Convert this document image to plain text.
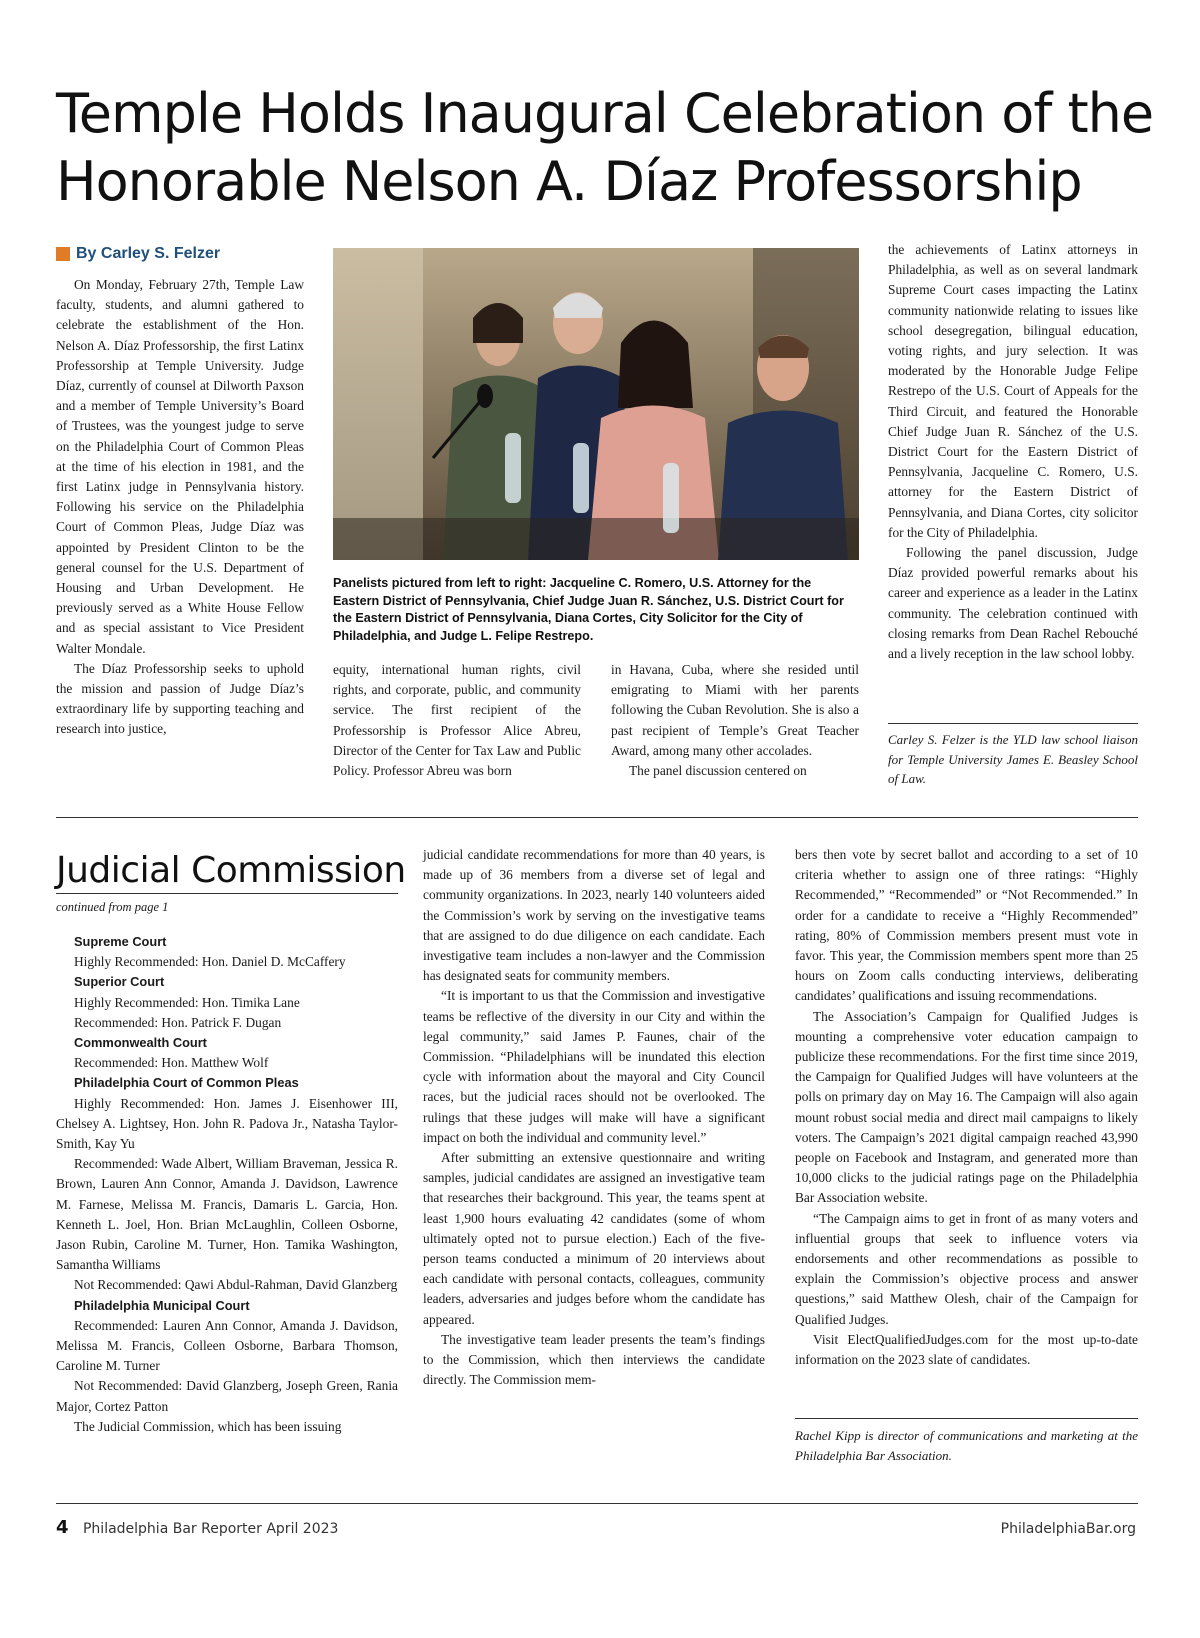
Temple Holds Inaugural Celebration of the
Honorable Nelson A. Díaz Professorship
By Carley S. Felzer

On Monday, February 27th, Temple Law faculty, students, and alumni gathered to celebrate the establishment of the Hon. Nelson A. Díaz Professorship, the first Latinx Professorship at Temple University. Judge Díaz, currently of counsel at Dilworth Paxson and a member of Temple University’s Board of Trustees, was the youngest judge to serve on the Philadelphia Court of Common Pleas at the time of his election in 1981, and the first Latinx judge in Pennsylvania history. Following his service on the Philadelphia Court of Common Pleas, Judge Díaz was appointed by President Clinton to be the general counsel for the U.S. Department of Housing and Urban Development. He previously served as a White House Fellow and as special assistant to Vice President Walter Mondale.

The Díaz Professorship seeks to uphold the mission and passion of Judge Díaz’s extraordinary life by supporting teaching and research into justice,

Panelists pictured from left to right: Jacqueline C. Romero, U.S. Attorney for the Eastern District of Pennsylvania, Chief Judge Juan R. Sánchez, U.S. District Court for the Eastern District of Pennsylvania, Diana Cortes, City Solicitor for the City of Philadelphia, and Judge L. Felipe Restrepo.

equity, international human rights, civil rights, and corporate, public, and community service. The first recipient of the Professorship is Professor Alice Abreu, Director of the Center for Tax Law and Public Policy. Professor Abreu was born

in Havana, Cuba, where she resided until emigrating to Miami with her parents following the Cuban Revolution. She is also a past recipient of Temple’s Great Teacher Award, among many other accolades.

The panel discussion centered on

the achievements of Latinx attorneys in Philadelphia, as well as on several landmark Supreme Court cases impacting the Latinx community nationwide relating to issues like school desegregation, bilingual education, voting rights, and jury selection. It was moderated by the Honorable Judge Felipe Restrepo of the U.S. Court of Appeals for the Third Circuit, and featured the Honorable Chief Judge Juan R. Sánchez of the U.S. District Court for the Eastern District of Pennsylvania, Jacqueline C. Romero, U.S. attorney for the Eastern District of Pennsylvania, and Diana Cortes, city solicitor for the City of Philadelphia.

Following the panel discussion, Judge Díaz provided powerful remarks about his career and experience as a leader in the Latinx community. The celebration continued with closing remarks from Dean Rachel Rebouché and a lively reception in the law school lobby.

Carley S. Felzer is the YLD law school liaison for Temple University James E. Beasley School of Law.
Judicial Commission
continued from page 1
Supreme Court

Highly Recommended: Hon. Daniel D. McCaffery

Superior Court

Highly Recommended: Hon. Timika Lane

Recommended: Hon. Patrick F. Dugan

Commonwealth Court

Recommended: Hon. Matthew Wolf

Philadelphia Court of Common Pleas

Highly Recommended: Hon. James J. Eisenhower III, Chelsey A. Lightsey, Hon. John R. Padova Jr., Natasha Taylor-Smith, Kay Yu

Recommended: Wade Albert, William Braveman, Jessica R. Brown, Lauren Ann Connor, Amanda J. Davidson, Lawrence M. Farnese, Melissa M. Francis, Damaris L. Garcia, Hon. Kenneth L. Joel, Hon. Brian McLaughlin, Colleen Osborne, Jason Rubin, Caroline M. Turner, Hon. Tamika Washington, Samantha Williams

Not Recommended: Qawi Abdul-Rahman, David Glanzberg

Philadelphia Municipal Court

Recommended: Lauren Ann Connor, Amanda J. Davidson, Melissa M. Francis, Colleen Osborne, Barbara Thomson, Caroline M. Turner

Not Recommended: David Glanzberg, Joseph Green, Rania Major, Cortez Patton

The Judicial Commission, which has been issuing

judicial candidate recommendations for more than 40 years, is made up of 36 members from a diverse set of legal and community organizations. In 2023, nearly 140 volunteers aided the Commission’s work by serving on the investigative teams that are assigned to do due diligence on each candidate. Each investigative team includes a non-lawyer and the Commission has designated seats for community members.

“It is important to us that the Commission and investigative teams be reflective of the diversity in our City and within the legal community,” said James P. Faunes, chair of the Commission. “Philadelphians will be inundated this election cycle with information about the mayoral and City Council races, but the judicial races should not be overlooked. The rulings that these judges will make will have a significant impact on both the individual and community level.”

After submitting an extensive questionnaire and writing samples, judicial candidates are assigned an investigative team that researches their background. This year, the teams spent at least 1,900 hours evaluating 42 candidates (some of whom ultimately opted not to pursue election.) Each of the five-person teams conducted a minimum of 20 interviews about each candidate with personal contacts, colleagues, community leaders, adversaries and judges before whom the candidate has appeared.

The investigative team leader presents the team’s findings to the Commission, which then interviews the candidate directly. The Commission mem-

bers then vote by secret ballot and according to a set of 10 criteria whether to assign one of three ratings: “Highly Recommended,” “Recommended” or “Not Recommended.” In order for a candidate to receive a “Highly Recommended” rating, 80% of Commission members present must vote in favor. This year, the Commission members spent more than 25 hours on Zoom calls conducting interviews, deliberating candidates’ qualifications and issuing recommendations.

The Association’s Campaign for Qualified Judges is mounting a comprehensive voter education campaign to publicize these recommendations. For the first time since 2019, the Campaign for Qualified Judges will have volunteers at the polls on primary day on May 16. The Campaign will also again mount robust social media and direct mail campaigns to likely voters. The Campaign’s 2021 digital campaign reached 43,990 people on Facebook and Instagram, and generated more than 10,000 clicks to the judicial ratings page on the Philadelphia Bar Association website.

“The Campaign aims to get in front of as many voters and influential groups that seek to influence voters via endorsements and other recommendations as possible to explain the Commission’s objective process and answer questions,” said Matthew Olesh, chair of the Campaign for Qualified Judges.

Visit ElectQualifiedJudges.com for the most up-to-date information on the 2023 slate of candidates.

Rachel Kipp is director of communications and marketing at the Philadelphia Bar Association.
4 Philadelphia Bar Reporter April 2023	PhiladelphiaBar.org
